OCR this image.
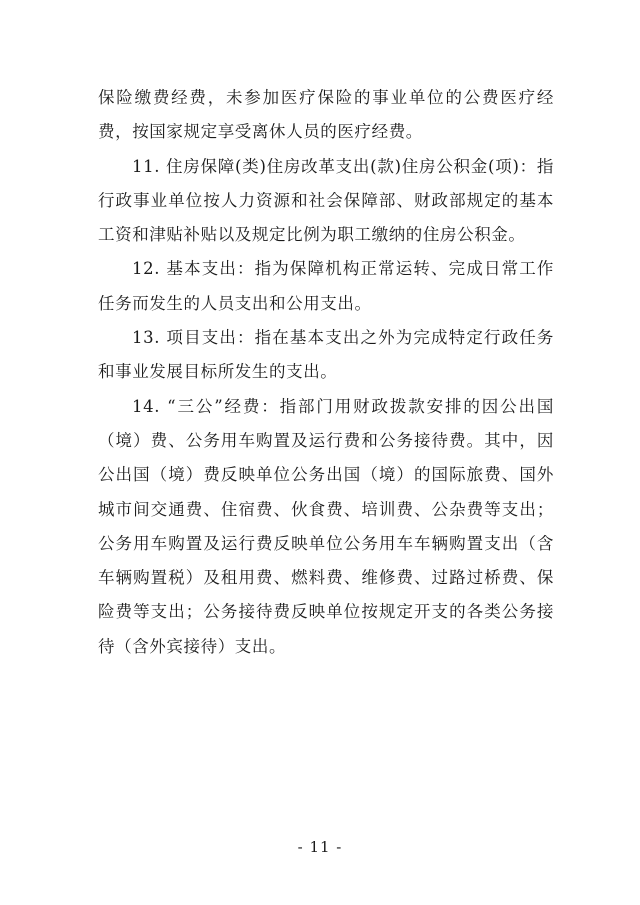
保险缴费经费，未参加医疗保险的事业单位的公费医疗经费，按国家规定享受离休人员的医疗经费。

11. 住房保障(类)住房改革支出(款)住房公积金(项)：指行政事业单位按人力资源和社会保障部、财政部规定的基本工资和津贴补贴以及规定比例为职工缴纳的住房公积金。

12. 基本支出：指为保障机构正常运转、完成日常工作任务而发生的人员支出和公用支出。

13. 项目支出：指在基本支出之外为完成特定行政任务和事业发展目标所发生的支出。

14. “三公”经费：指部门用财政拨款安排的因公出国（境）费、公务用车购置及运行费和公务接待费。其中，因公出国（境）费反映单位公务出国（境）的国际旅费、国外城市间交通费、住宿费、伙食费、培训费、公杂费等支出；公务用车购置及运行费反映单位公务用车车辆购置支出（含车辆购置税）及租用费、燃料费、维修费、过路过桥费、保险费等支出；公务接待费反映单位按规定开支的各类公务接待（含外宾接待）支出。

- 11 -
